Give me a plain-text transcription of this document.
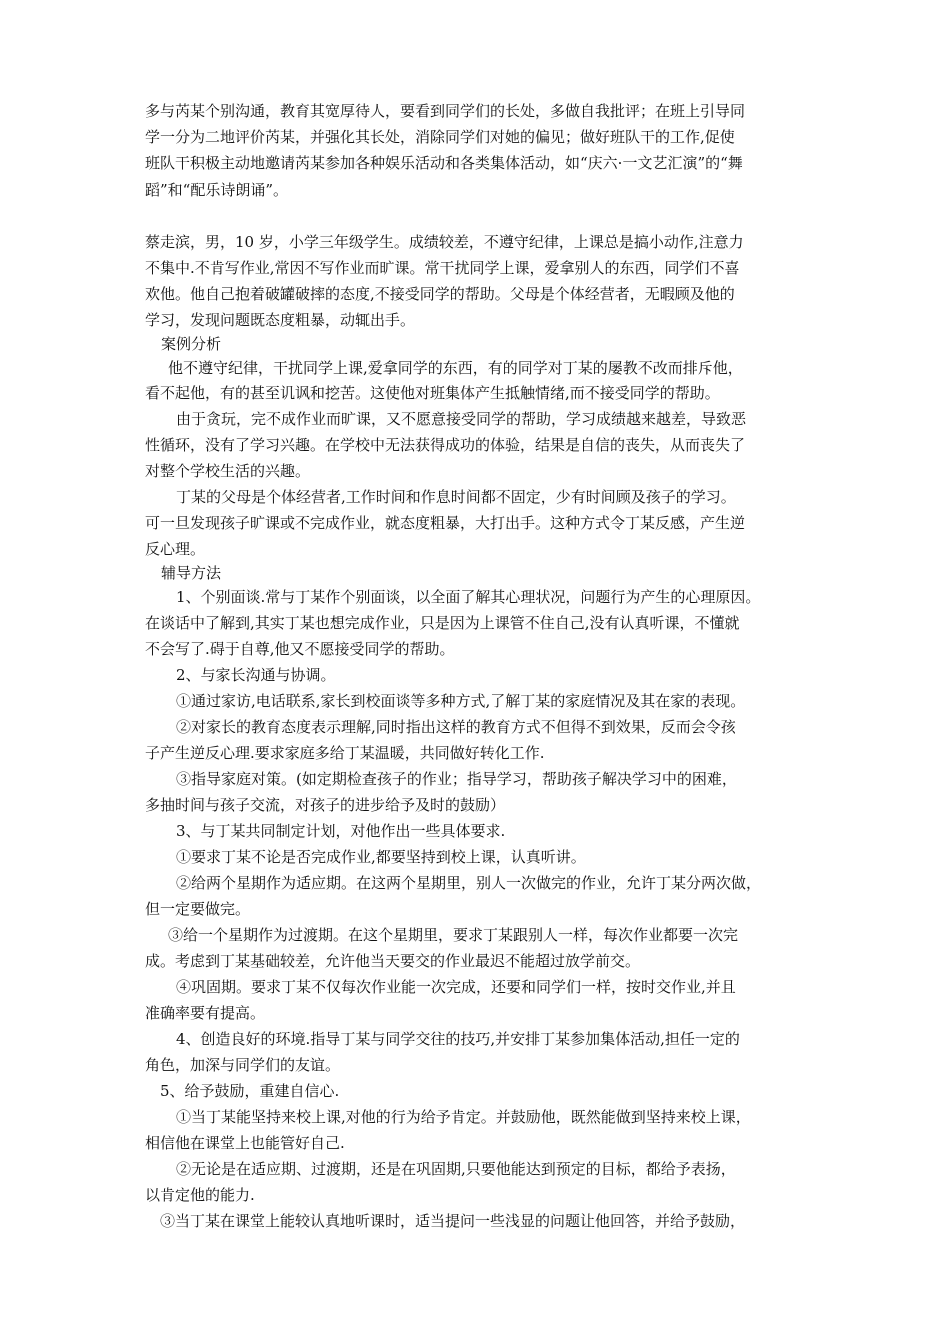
多与芮某个别沟通，教育其宽厚待人，要看到同学们的长处，多做自我批评；在班上引导同
学一分为二地评价芮某，并强化其长处，消除同学们对她的偏见；做好班队干的工作,促使
班队干积极主动地邀请芮某参加各种娱乐活动和各类集体活动，如“庆六·一文艺汇演”的“舞
蹈”和“配乐诗朗诵”。
蔡走滨，男，10 岁，小学三年级学生。成绩较差，不遵守纪律，上课总是搞小动作,注意力
不集中.不肯写作业,常因不写作业而旷课。常干扰同学上课，爱拿别人的东西，同学们不喜
欢他。他自己抱着破罐破摔的态度,不接受同学的帮助。父母是个体经营者，无暇顾及他的
学习，发现问题既态度粗暴，动辄出手。
案例分析
他不遵守纪律，干扰同学上课,爱拿同学的东西，有的同学对丁某的屡教不改而排斥他，
看不起他，有的甚至讥讽和挖苦。这使他对班集体产生抵触情绪,而不接受同学的帮助。
由于贪玩，完不成作业而旷课，又不愿意接受同学的帮助，学习成绩越来越差，导致恶
性循环，没有了学习兴趣。在学校中无法获得成功的体验，结果是自信的丧失，从而丧失了
对整个学校生活的兴趣。
丁某的父母是个体经营者,工作时间和作息时间都不固定，少有时间顾及孩子的学习。
可一旦发现孩子旷课或不完成作业，就态度粗暴，大打出手。这种方式令丁某反感，产生逆
反心理。
辅导方法
1、个别面谈.常与丁某作个别面谈，以全面了解其心理状况，问题行为产生的心理原因。
在谈话中了解到,其实丁某也想完成作业，只是因为上课管不住自己,没有认真听课，不懂就
不会写了.碍于自尊,他又不愿接受同学的帮助。
2、与家长沟通与协调。
①通过家访,电话联系,家长到校面谈等多种方式,了解丁某的家庭情况及其在家的表现。
②对家长的教育态度表示理解,同时指出这样的教育方式不但得不到效果，反而会令孩
子产生逆反心理.要求家庭多给丁某温暖，共同做好转化工作.
③指导家庭对策。(如定期检查孩子的作业；指导学习，帮助孩子解决学习中的困难，
多抽时间与孩子交流，对孩子的进步给予及时的鼓励）
3、与丁某共同制定计划，对他作出一些具体要求.
①要求丁某不论是否完成作业,都要坚持到校上课，认真听讲。
②给两个星期作为适应期。在这两个星期里，别人一次做完的作业，允许丁某分两次做，
但一定要做完。
③给一个星期作为过渡期。在这个星期里，要求丁某跟别人一样，每次作业都要一次完
成。考虑到丁某基础较差，允许他当天要交的作业最迟不能超过放学前交。
④巩固期。要求丁某不仅每次作业能一次完成，还要和同学们一样，按时交作业,并且
准确率要有提高。
4、创造良好的环境.指导丁某与同学交往的技巧,并安排丁某参加集体活动,担任一定的
角色，加深与同学们的友谊。
5、给予鼓励，重建自信心.
①当丁某能坚持来校上课,对他的行为给予肯定。并鼓励他，既然能做到坚持来校上课，
相信他在课堂上也能管好自己.
②无论是在适应期、过渡期，还是在巩固期,只要他能达到预定的目标，都给予表扬，
以肯定他的能力.
③当丁某在课堂上能较认真地听课时，适当提问一些浅显的问题让他回答，并给予鼓励，
